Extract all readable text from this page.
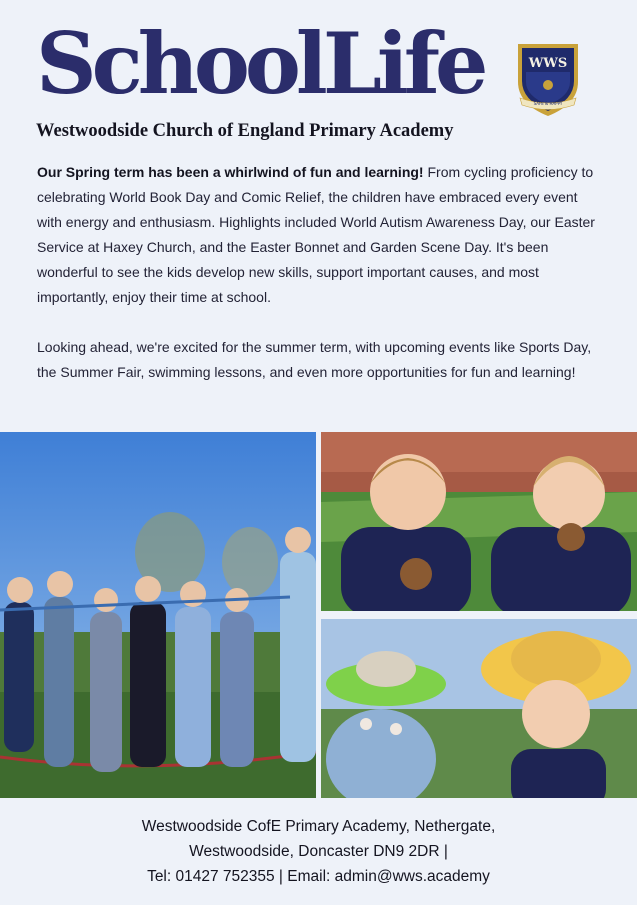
SchoolLife
Westwoodside Church of England Primary Academy
WWS
SAFE & HAPPY

Our Spring term has been a whirlwind of fun and learning! From cycling proficiency to celebrating World Book Day and Comic Relief, the children have embraced every event with energy and enthusiasm. Highlights included World Autism Awareness Day, our Easter Service at Haxey Church, and the Easter Bonnet and Garden Scene Day. It's been wonderful to see the kids develop new skills, support important causes, and most importantly, enjoy their time at school.

Looking ahead, we're excited for the summer term, with upcoming events like Sports Day, the Summer Fair, swimming lessons, and even more opportunities for fun and learning!

Westwoodside CofE Primary Academy, Nethergate,
Westwoodside, Doncaster DN9 2DR |
Tel: 01427 752355 | Email: admin@wws.academy
